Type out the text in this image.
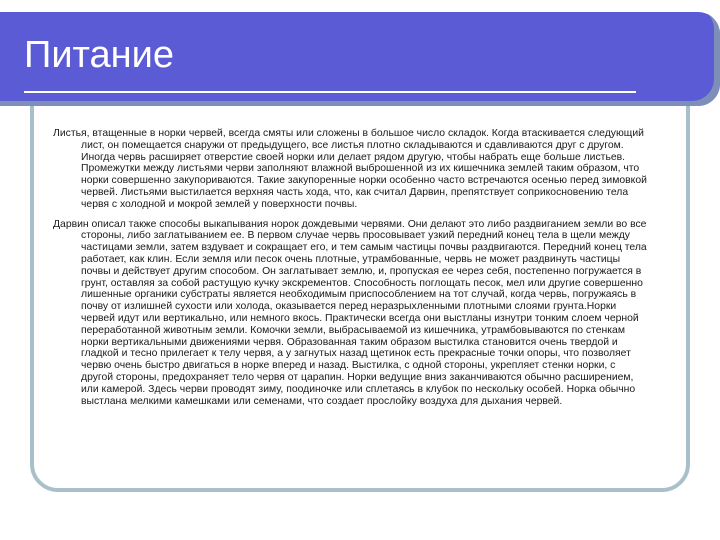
Питание

Листья, втащенные в норки червей, всегда смяты или сложены в большое число складок. Когда втаскивается следующий лист, он помещается снаружи от предыдущего, все листья плотно складываются и сдавливаются друг с другом. Иногда червь расширяет отверстие своей норки или делает рядом другую, чтобы набрать еще больше листьев. Промежутки между листьями черви заполняют влажной выброшенной из их кишечника землей таким образом, что норки совершенно закупориваются. Такие закупоренные норки особенно часто встречаются осенью перед зимовкой червей. Листьями выстилается верхняя часть хода, что, как считал Дарвин, препятствует соприкосновению тела червя с холодной и мокрой землей у поверхности почвы.

Дарвин описал также способы выкапывания норок дождевыми червями. Они делают это либо раздвиганием земли во все стороны, либо заглатыванием ее. В первом случае червь просовывает узкий передний конец тела в щели между частицами земли, затем вздувает и сокращает его, и тем самым частицы почвы раздвигаются. Передний конец тела работает, как клин. Если земля или песок очень плотные, утрамбованные, червь не может раздвинуть частицы почвы и действует другим способом. Он заглатывает землю, и, пропуская ее через себя, постепенно погружается в грунт, оставляя за собой растущую кучку экскрементов. Способность поглощать песок, мел или другие совершенно лишенные органики субстраты является необходимым приспособлением на тот случай, когда червь, погружаясь в почву от излишней сухости или холода, оказывается перед неразрыхленными плотными слоями грунта.Норки червей идут или вертикально, или немного вкось. Практически всегда они выстланы изнутри тонким слоем черной переработанной животным земли. Комочки земли, выбрасываемой из кишечника, утрамбовываются по стенкам норки вертикальными движениями червя. Образованная таким образом выстилка становится очень твердой и гладкой и тесно прилегает к телу червя, а у загнутых назад щетинок есть прекрасные точки опоры, что позволяет червю очень быстро двигаться в норке вперед и назад. Выстилка, с одной стороны, укрепляет стенки норки, с другой стороны, предохраняет тело червя от царапин. Норки ведущие вниз заканчиваются обычно расширением, или камерой. Здесь черви проводят зиму, поодиночке или сплетаясь в клубок по нескольку особей. Норка обычно выстлана мелкими камешками или семенами, что создает прослойку воздуха для дыхания червей.
